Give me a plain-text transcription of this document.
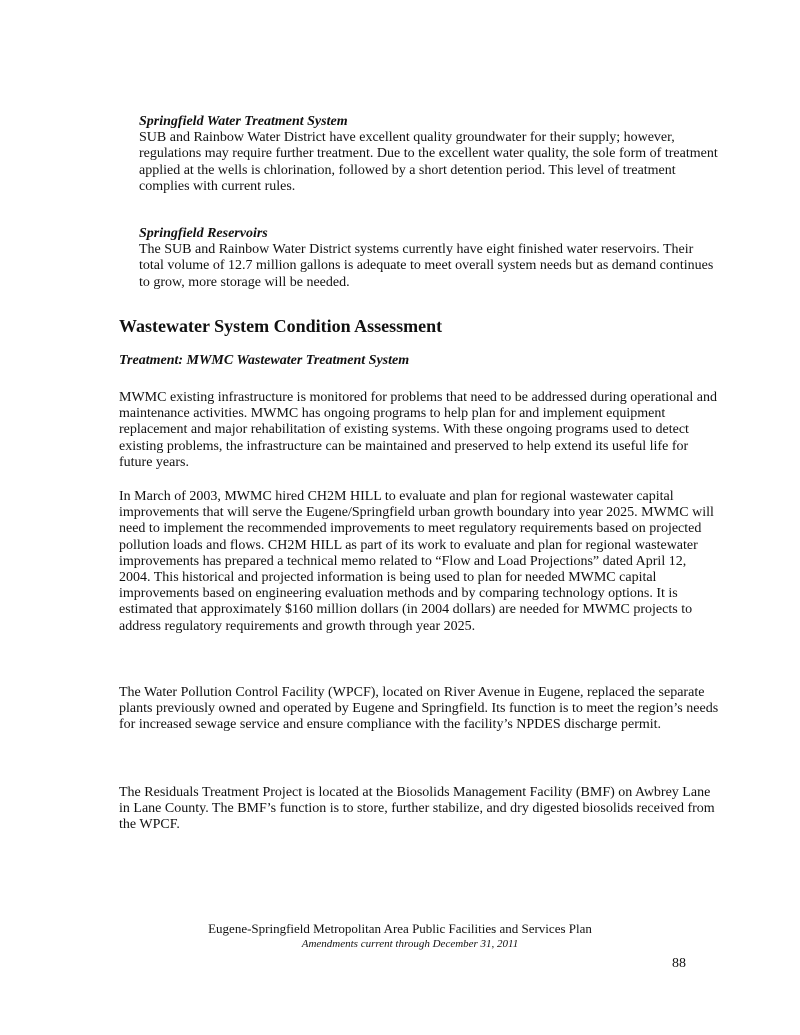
Springfield Water Treatment System

SUB and Rainbow Water District have excellent quality groundwater for their supply; however, regulations may require further treatment. Due to the excellent water quality, the sole form of treatment applied at the wells is chlorination, followed by a short detention period. This level of treatment complies with current rules.

Springfield Reservoirs

The SUB and Rainbow Water District systems currently have eight finished water reservoirs. Their total volume of 12.7 million gallons is adequate to meet overall system needs but as demand continues to grow, more storage will be needed.

Wastewater System Condition Assessment
Treatment: MWMC Wastewater Treatment System

MWMC existing infrastructure is monitored for problems that need to be addressed during operational and maintenance activities. MWMC has ongoing programs to help plan for and implement equipment replacement and major rehabilitation of existing systems. With these ongoing programs used to detect existing problems, the infrastructure can be maintained and preserved to help extend its useful life for future years.

In March of 2003, MWMC hired CH2M HILL to evaluate and plan for regional wastewater capital improvements that will serve the Eugene/Springfield urban growth boundary into year 2025. MWMC will need to implement the recommended improvements to meet regulatory requirements based on projected pollution loads and flows. CH2M HILL as part of its work to evaluate and plan for regional wastewater improvements has prepared a technical memo related to “Flow and Load Projections” dated April 12, 2004. This historical and projected information is being used to plan for needed MWMC capital improvements based on engineering evaluation methods and by comparing technology options. It is estimated that approximately $160 million dollars (in 2004 dollars) are needed for MWMC projects to address regulatory requirements and growth through year 2025.

The Water Pollution Control Facility (WPCF), located on River Avenue in Eugene, replaced the separate plants previously owned and operated by Eugene and Springfield. Its function is to meet the region’s needs for increased sewage service and ensure compliance with the facility’s NPDES discharge permit.

The Residuals Treatment Project is located at the Biosolids Management Facility (BMF) on Awbrey Lane in Lane County. The BMF’s function is to store, further stabilize, and dry digested biosolids received from the WPCF.

Eugene-Springfield Metropolitan Area Public Facilities and Services Plan

Amendments current through December 31, 2011

88
